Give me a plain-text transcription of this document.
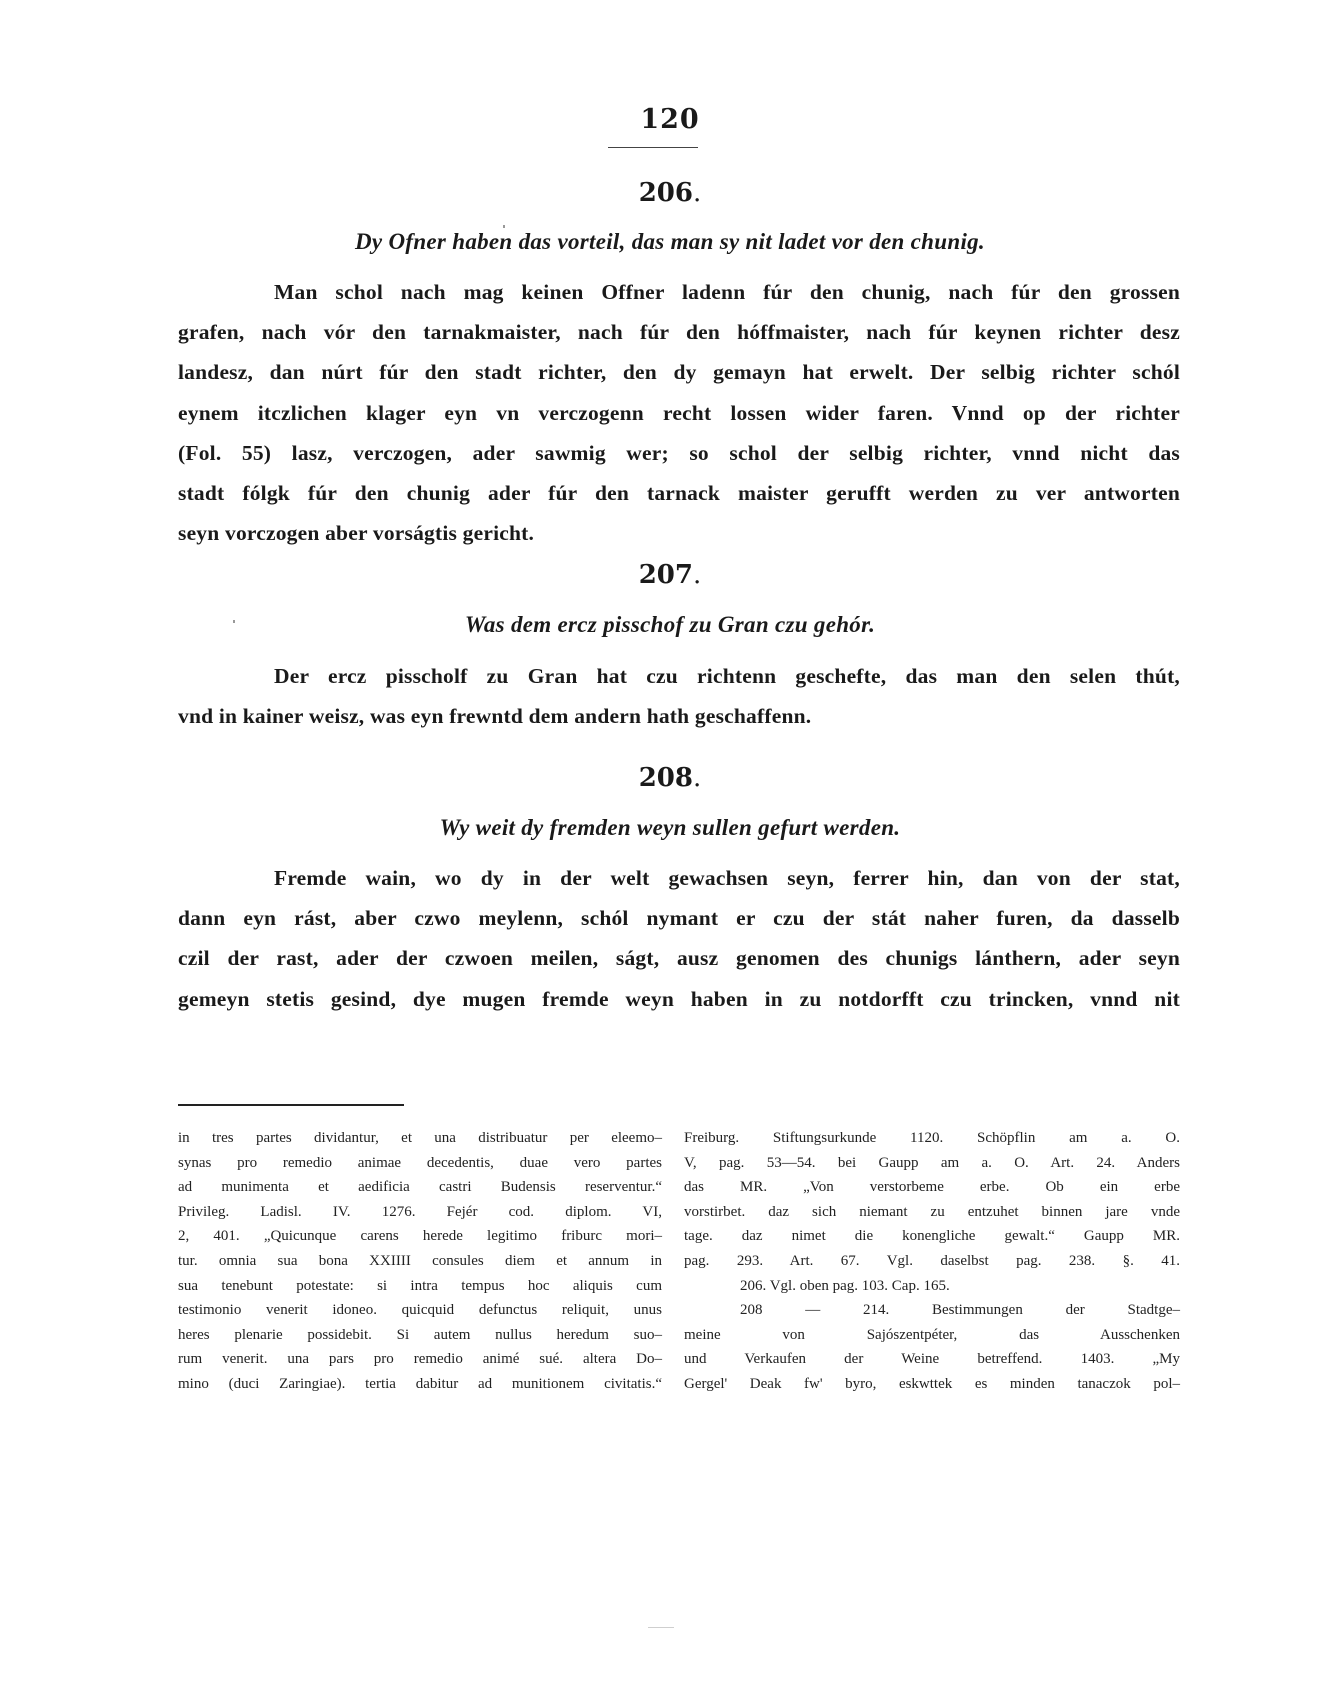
120
206.
Dy Ofner haben das vorteil, das man sy nit ladet vor den chunig.
Man schol nach mag keinen Offner ladenn fúr den chunig, nach fúr den grossen
grafen, nach vór den tarnakmaister, nach fúr den hóffmaister, nach fúr keynen richter desz
landesz, dan núrt fúr den stadt richter, den dy gemayn hat erwelt. Der selbig richter schól
eynem itczlichen klager eyn vn verczogenn recht lossen wider faren. Vnnd op der richter
(Fol. 55) lasz, verczogen, ader sawmig wer; so schol der selbig richter, vnnd nicht das
stadt fólgk fúr den chunig ader fúr den tarnack maister gerufft werden zu ver antworten
seyn vorczogen aber vorságtis gericht.
207.
Was dem ercz pisschof zu Gran czu gehór.
Der ercz pisscholf zu Gran hat czu richtenn geschefte, das man den selen thút,
vnd in kainer weisz, was eyn frewntd dem andern hath geschaffenn.
208.
Wy weit dy fremden weyn sullen gefurt werden.
Fremde wain, wo dy in der welt gewachsen seyn, ferrer hin, dan von der stat,
dann eyn rást, aber czwo meylenn, schól nymant er czu der stát naher furen, da dasselb
czil der rast, ader der czwoen meilen, ságt, ausz genomen des chunigs lánthern, ader seyn
gemeyn stetis gesind, dye mugen fremde weyn haben in zu notdorfft czu trincken, vnnd nit
in tres partes dividantur, et una distribuatur per eleemo–
synas pro remedio animae decedentis, duae vero partes
ad munimenta et aedificia castri Budensis reserventur.“
Privileg. Ladisl. IV. 1276. Fejér cod. diplom. VI,
2, 401. „Quicunque carens herede legitimo friburc mori–
tur. omnia sua bona XXIIII consules diem et annum in
sua tenebunt potestate: si intra tempus hoc aliquis cum
testimonio venerit idoneo. quicquid defunctus reliquit, unus
heres plenarie possidebit. Si autem nullus heredum suo–
rum venerit. una pars pro remedio animé sué. altera Do–
mino (duci Zaringiae). tertia dabitur ad munitionem civitatis.“
Freiburg. Stiftungsurkunde 1120. Schöpflin am a. O.
V, pag. 53—54. bei Gaupp am a. O. Art. 24. Anders
das MR. „Von verstorbeme erbe. Ob ein erbe
vorstirbet. daz sich niemant zu entzuhet binnen jare vnde
tage. daz nimet die konengliche gewalt.“ Gaupp MR.
pag. 293. Art. 67. Vgl. daselbst pag. 238. §. 41.
206. Vgl. oben pag. 103. Cap. 165.
208 — 214. Bestimmungen der Stadtge–
meine von Sajószentpéter, das Ausschenken
und Verkaufen der Weine betreffend. 1403. „My
Gergel' Deak fw' byro, eskwttek es minden tanaczok pol–
